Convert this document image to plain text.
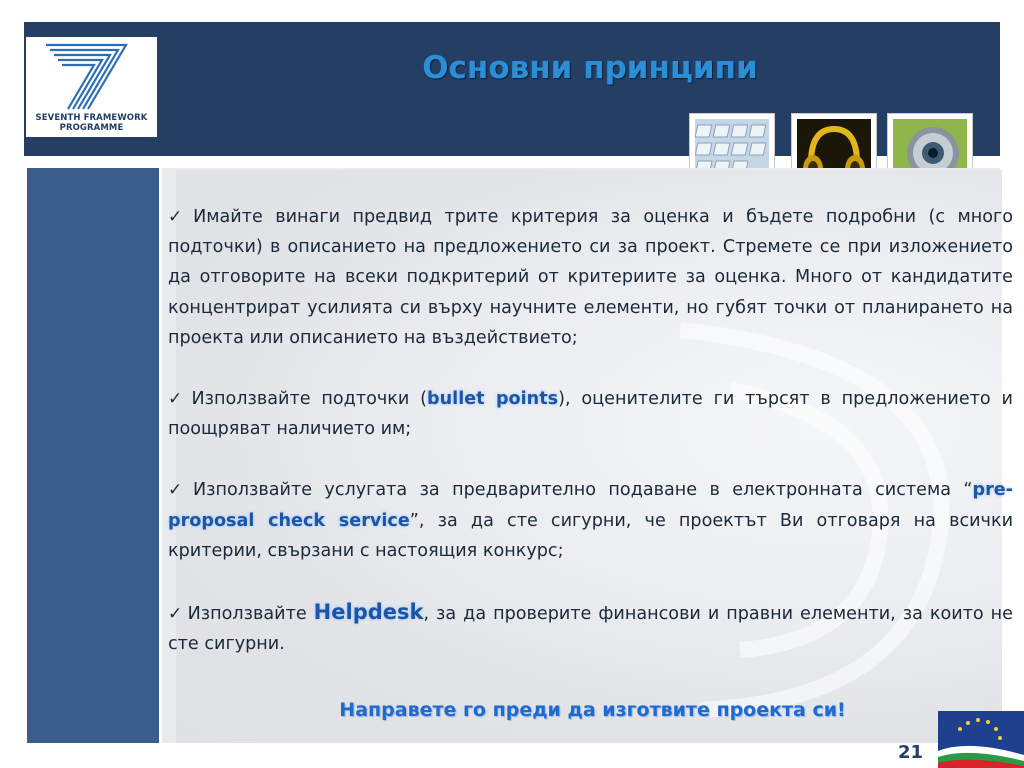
SEVENTH FRAMEWORK
PROGRAMME
Основни принципи

✓ Имайте винаги предвид трите критерия за оценка и бъдете подробни (с много подточки) в описанието на предложението си за проект. Стремете се при изложението да отговорите на всеки подкритерий от критериите за оценка. Много от кандидатите концентрират усилията си върху научните елементи, но губят точки от планирането на проекта или описанието на въздействието;

✓ Използвайте подточки (bullet points), оценителите ги търсят в предложението и поощряват наличието им;

✓ Използвайте услугата за предварително подаване в електронната система “pre-proposal check service”, за да сте сигурни, че проектът Ви отговаря на всички критерии, свързани с настоящия конкурс;

✓ Използвайте Helpdesk, за да проверите финансови и правни елементи, за които не сте сигурни.

Направете го преди да изготвите проекта си!
21
